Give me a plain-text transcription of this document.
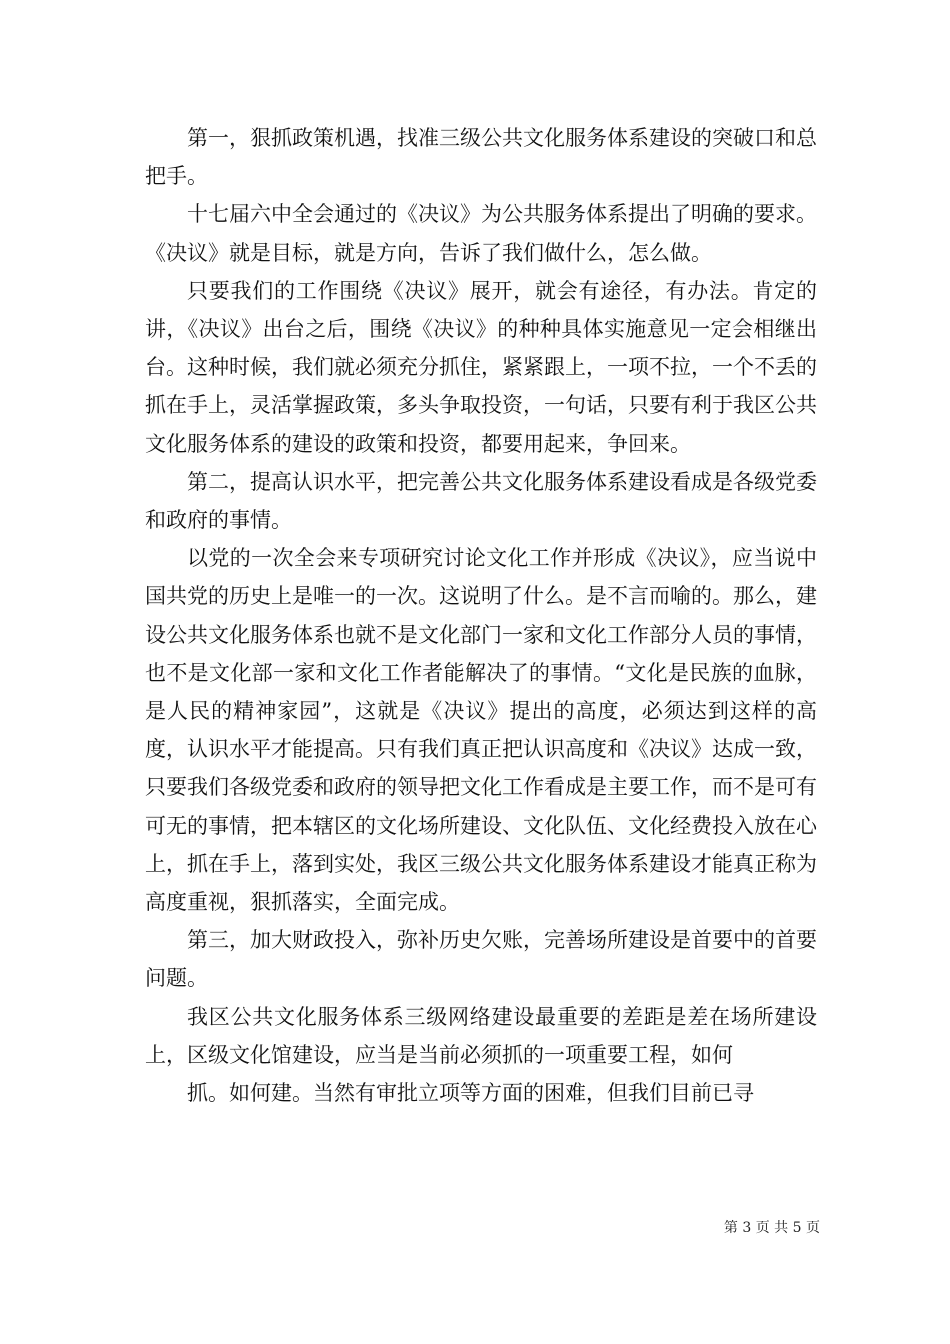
第一，狠抓政策机遇，找准三级公共文化服务体系建设的突破口和总把手。

十七届六中全会通过的《决议》为公共服务体系提出了明确的要求。《决议》就是目标，就是方向，告诉了我们做什么，怎么做。

只要我们的工作围绕《决议》展开，就会有途径，有办法。肯定的讲，《决议》出台之后，围绕《决议》的种种具体实施意见一定会相继出台。这种时候，我们就必须充分抓住，紧紧跟上，一项不拉，一个不丢的抓在手上，灵活掌握政策，多头争取投资，一句话，只要有利于我区公共文化服务体系的建设的政策和投资，都要用起来，争回来。

第二，提高认识水平，把完善公共文化服务体系建设看成是各级党委和政府的事情。

以党的一次全会来专项研究讨论文化工作并形成《决议》，应当说中国共党的历史上是唯一的一次。这说明了什么。是不言而喻的。那么，建设公共文化服务体系也就不是文化部门一家和文化工作部分人员的事情，也不是文化部一家和文化工作者能解决了的事情。“文化是民族的血脉，是人民的精神家园”，这就是《决议》提出的高度，必须达到这样的高度，认识水平才能提高。只有我们真正把认识高度和《决议》达成一致，只要我们各级党委和政府的领导把文化工作看成是主要工作，而不是可有可无的事情，把本辖区的文化场所建设、文化队伍、文化经费投入放在心上，抓在手上，落到实处，我区三级公共文化服务体系建设才能真正称为高度重视，狠抓落实，全面完成。

第三，加大财政投入，弥补历史欠账，完善场所建设是首要中的首要问题。

我区公共文化服务体系三级网络建设最重要的差距是差在场所建设上，区级文化馆建设，应当是当前必须抓的一项重要工程，如何

抓。如何建。当然有审批立项等方面的困难，但我们目前已寻

第 3 页 共 5 页
